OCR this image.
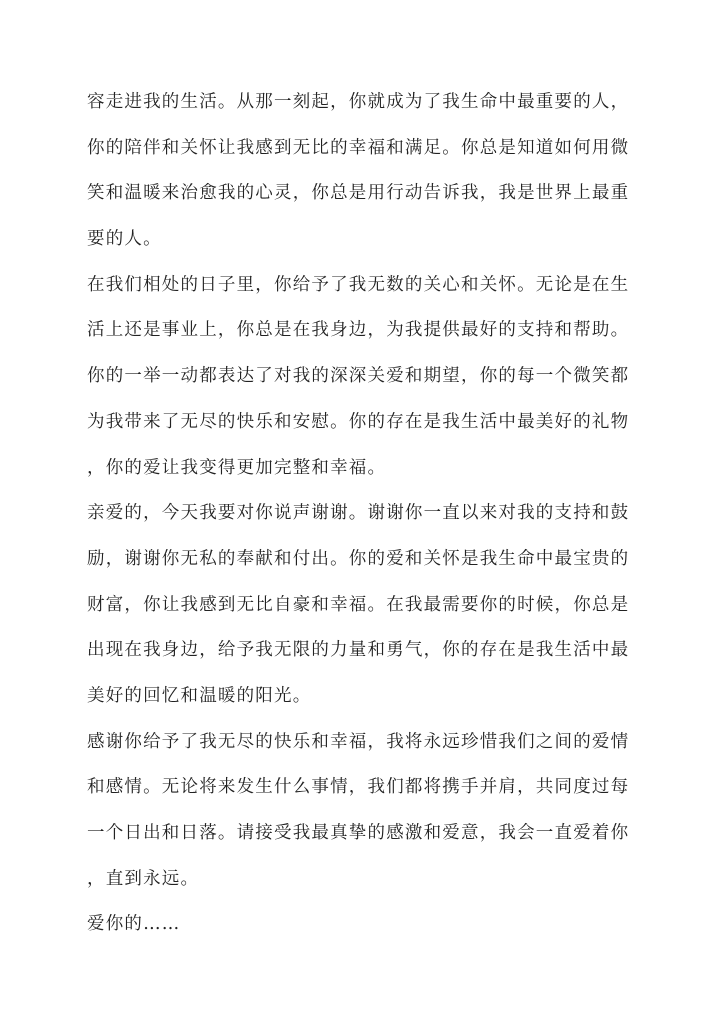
容走进我的生活。从那一刻起，你就成为了我生命中最重要的人，
你的陪伴和关怀让我感到无比的幸福和满足。你总是知道如何用微
笑和温暖来治愈我的心灵，你总是用行动告诉我，我是世界上最重
要的人。
在我们相处的日子里，你给予了我无数的关心和关怀。无论是在生
活上还是事业上，你总是在我身边，为我提供最好的支持和帮助。
你的一举一动都表达了对我的深深关爱和期望，你的每一个微笑都
为我带来了无尽的快乐和安慰。你的存在是我生活中最美好的礼物
，你的爱让我变得更加完整和幸福。
亲爱的，今天我要对你说声谢谢。谢谢你一直以来对我的支持和鼓
励，谢谢你无私的奉献和付出。你的爱和关怀是我生命中最宝贵的
财富，你让我感到无比自豪和幸福。在我最需要你的时候，你总是
出现在我身边，给予我无限的力量和勇气，你的存在是我生活中最
美好的回忆和温暖的阳光。
感谢你给予了我无尽的快乐和幸福，我将永远珍惜我们之间的爱情
和感情。无论将来发生什么事情，我们都将携手并肩，共同度过每
一个日出和日落。请接受我最真挚的感激和爱意，我会一直爱着你
，直到永远。
爱你的……
